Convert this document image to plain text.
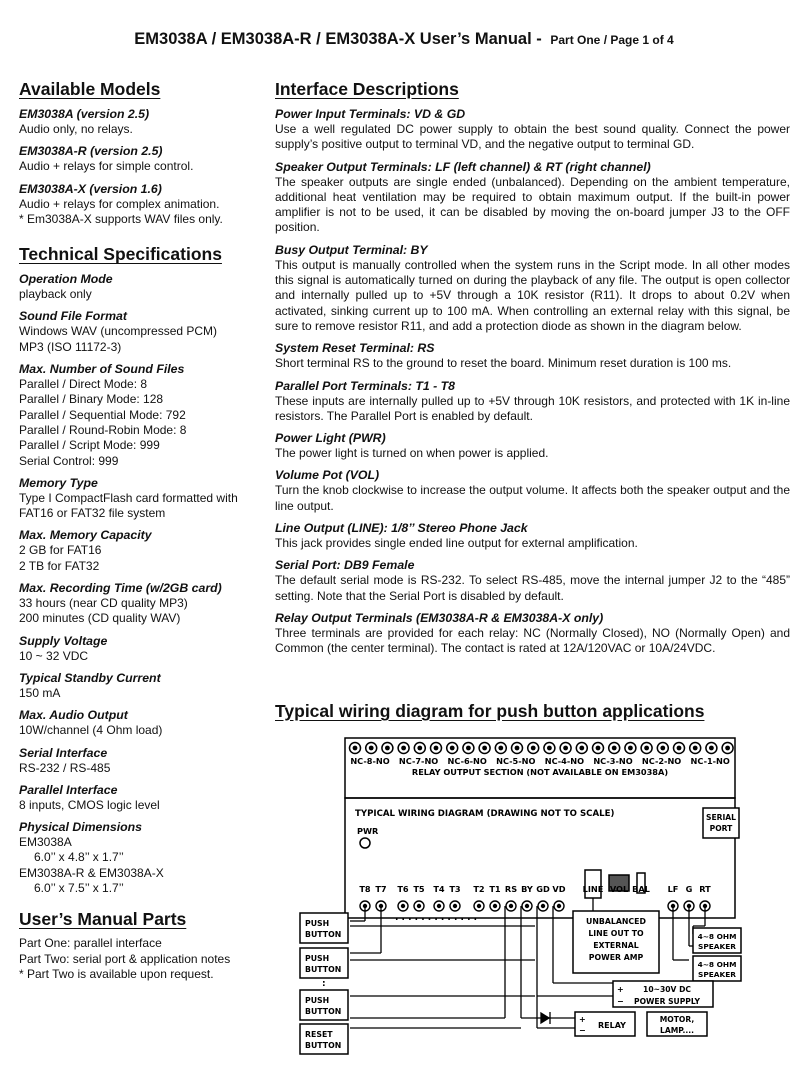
EM3038A / EM3038A-R / EM3038A-X User’s Manual - Part One / Page 1 of 4
Available Models
EM3038A (version 2.5)
Audio only, no relays.
EM3038A-R (version 2.5)
Audio + relays for simple control.
EM3038A-X (version 1.6)
Audio + relays for complex animation.
* Em3038A-X supports WAV files only.
Technical Specifications
Operation Mode
playback only
Sound File Format
Windows WAV (uncompressed PCM)
MP3 (ISO 11172-3)
Max. Number of Sound Files
Parallel / Direct Mode: 8
Parallel / Binary Mode: 128
Parallel / Sequential Mode: 792
Parallel / Round-Robin Mode: 8
Parallel / Script Mode: 999
Serial Control: 999
Memory Type
Type I CompactFlash card formatted with
FAT16 or FAT32 file system
Max. Memory Capacity
2 GB for FAT16
2 TB for FAT32
Max. Recording Time (w/2GB card)
33 hours (near CD quality MP3)
200 minutes (CD quality WAV)
Supply Voltage
10 ~ 32 VDC
Typical Standby Current
150 mA
Max. Audio Output
10W/channel (4 Ohm load)
Serial Interface
RS-232 / RS-485
Parallel Interface
8 inputs, CMOS logic level
Physical Dimensions
EM3038A
6.0’’ x 4.8’’ x 1.7’’
EM3038A-R & EM3038A-X
6.0’’ x 7.5’’ x 1.7’’
User’s Manual Parts
Part One: parallel interface
Part Two: serial port & application notes
* Part Two is available upon request.
Interface Descriptions
Power Input Terminals: VD & GD
Use a well regulated DC power supply to obtain the best sound quality. Connect the power supply’s positive output to terminal VD, and the negative output to terminal GD.
Speaker Output Terminals: LF (left channel) & RT (right channel)
The speaker outputs are single ended (unbalanced). Depending on the ambient temperature, additional heat ventilation may be required to obtain maximum output. If the built-in power amplifier is not to be used, it can be disabled by moving the on-board jumper J3 to the OFF position.
Busy Output Terminal: BY
This output is manually controlled when the system runs in the Script mode. In all other modes this signal is automatically turned on during the playback of any file. The output is open collector and internally pulled up to +5V through a 10K resistor (R11). It drops to about 0.2V when activated, sinking current up to 100 mA. When controlling an external relay with this signal, be sure to remove resistor R11, and add a protection diode as shown in the diagram below.
System Reset Terminal: RS
Short terminal RS to the ground to reset the board. Minimum reset duration is 100 ms.
Parallel Port Terminals: T1 - T8
These inputs are internally pulled up to +5V through 10K resistors, and protected with 1K in-line resistors. The Parallel Port is enabled by default.
Power Light (PWR)
The power light is turned on when power is applied.
Volume Pot (VOL)
Turn the knob clockwise to increase the output volume. It affects both the speaker output and the line output.
Line Output (LINE): 1/8’’ Stereo Phone Jack
This jack provides single ended line output for external amplification.
Serial Port: DB9 Female
The default serial mode is RS-232. To select RS-485, move the internal jumper J2 to the “485” setting. Note that the Serial Port is disabled by default.
Relay Output Terminals (EM3038A-R & EM3038A-X only)
Three terminals are provided for each relay: NC (Normally Closed), NO (Normally Open) and Common (the center terminal). The contact is rated at 12A/120VAC or 10A/24VDC.
Typical wiring diagram for push button applications
NC-8-NO NC-7-NO NC-6-NO NC-5-NO NC-4-NO NC-3-NO NC-2-NO NC-1-NO
T8 T7 T6 T5 T4 T3 T2 T1 RS BY GD VD LINE VOL BAL LF G RT
RELAY OUTPUT SECTION (NOT AVAILABLE ON EM3038A)
TYPICAL WIRING DIAGRAM (DRAWING NOT TO SCALE)
PWR
SERIAL
PORT
. . . . . . . . . . . . .
PUSH
BUTTON
PUSH
BUTTON
:
PUSH
BUTTON
RESET
BUTTON
UNBALANCED
LINE OUT TO
EXTERNAL
POWER AMP
4~8 OHM
SPEAKER
4~8 OHM
SPEAKER
+
−
10~30V DC
POWER SUPPLY
+
−
RELAY
MOTOR,
LAMP....
